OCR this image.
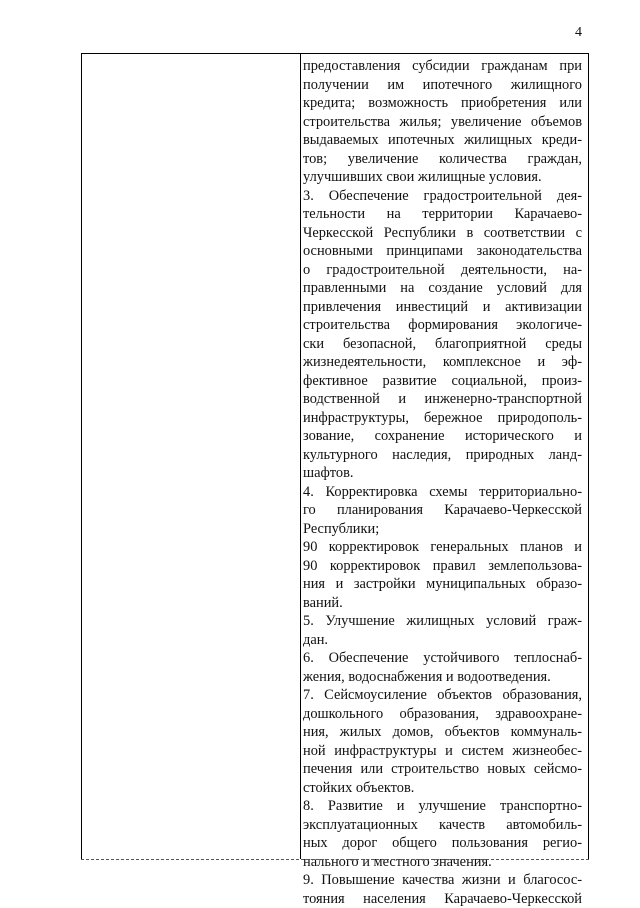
4
предоставления субсидии гражданам при
получении им ипотечного жилищного
кредита; возможность приобретения или
строительства жилья; увеличение объемов
выдаваемых ипотечных жилищных креди-
тов; увеличение количества граждан,
улучшивших свои жилищные условия.
3. Обеспечение градостроительной дея-
тельности на территории Карачаево-
Черкесской Республики в соответствии с
основными принципами законодательства
о градостроительной деятельности, на-
правленными на создание условий для
привлечения инвестиций и активизации
строительства формирования экологиче-
ски безопасной, благоприятной среды
жизнедеятельности, комплексное и эф-
фективное развитие социальной, произ-
водственной и инженерно-транспортной
инфраструктуры, бережное природополь-
зование, сохранение исторического и
культурного наследия, природных ланд-
шафтов.
4. Корректировка схемы территориально-
го планирования Карачаево-Черкесской
Республики;
90 корректировок генеральных планов и
90 корректировок правил землепользова-
ния и застройки муниципальных образо-
ваний.
5. Улучшение жилищных условий граж-
дан.
6. Обеспечение устойчивого теплоснаб-
жения, водоснабжения и водоотведения.
7. Сейсмоусиление объектов образования,
дошкольного образования, здравоохране-
ния, жилых домов, объектов коммуналь-
ной инфраструктуры и систем жизнеобес-
печения или строительство новых сейсмо-
стойких объектов.
8. Развитие и улучшение транспортно-
эксплуатационных качеств автомобиль-
ных дорог общего пользования регио-
нального и местного значения.
9. Повышение качества жизни и благосос-
тояния населения Карачаево-Черкесской
